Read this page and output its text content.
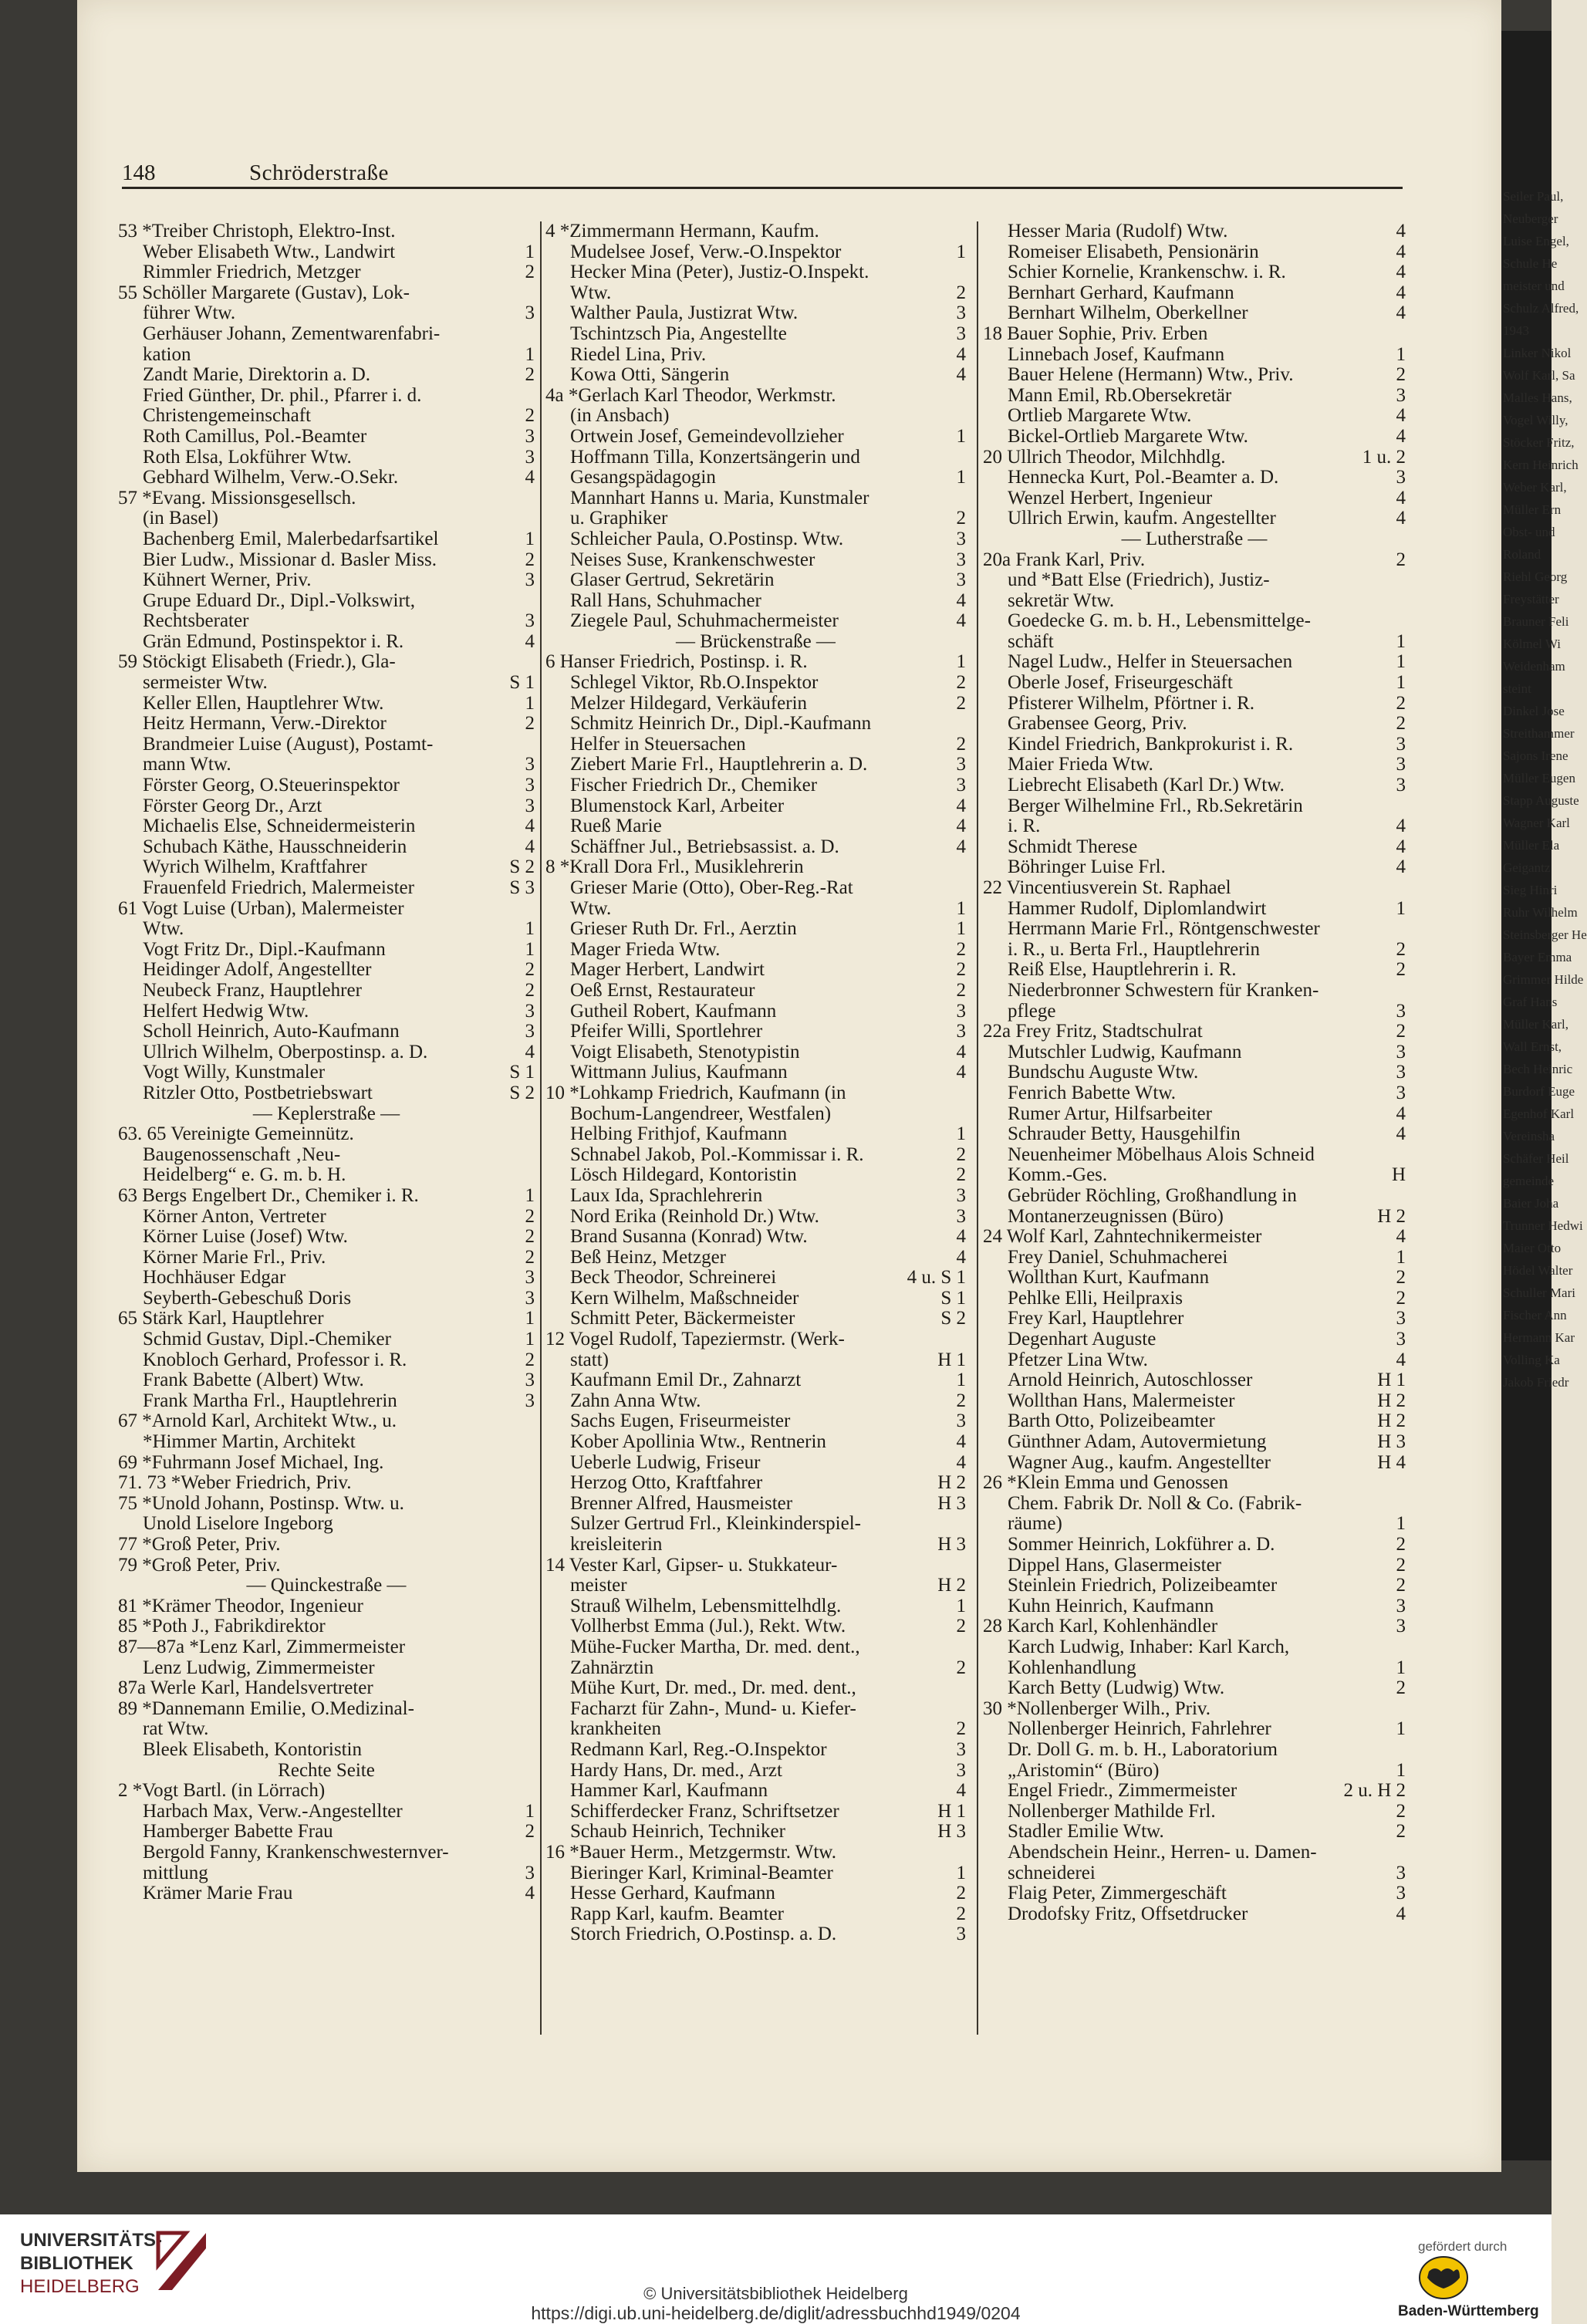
148	Schröderstraße
53 *Treiber Christoph, Elektro-Inst.
Weber Elisabeth Wtw., Landwirt	1
Rimmler Friedrich, Metzger	2
55 Schöller Margarete (Gustav), Lok-
führer Wtw.	3
Gerhäuser Johann, Zementwarenfabri-
kation	1
Zandt Marie, Direktorin a. D.	2
Fried Günther, Dr. phil., Pfarrer i. d.
Christengemeinschaft	2
Roth Camillus, Pol.-Beamter	3
Roth Elsa, Lokführer Wtw.	3
Gebhard Wilhelm, Verw.-O.Sekr.	4
57 *Evang. Missionsgesellsch.
(in Basel)
Bachenberg Emil, Malerbedarfsartikel	1
Bier Ludw., Missionar d. Basler Miss.	2
Kühnert Werner, Priv.	3
Grupe Eduard Dr., Dipl.-Volkswirt,
Rechtsberater	3
Grän Edmund, Postinspektor i. R.	4
59 Stöckigt Elisabeth (Friedr.), Gla-
sermeister Wtw.	S 1
Keller Ellen, Hauptlehrer Wtw.	1
Heitz Hermann, Verw.-Direktor	2
Brandmeier Luise (August), Postamt-
mann Wtw.	3
Förster Georg, O.Steuerinspektor	3
Förster Georg Dr., Arzt	3
Michaelis Else, Schneidermeisterin	4
Schubach Käthe, Hausschneiderin	4
Wyrich Wilhelm, Kraftfahrer	S 2
Frauenfeld Friedrich, Malermeister	S 3
61 Vogt Luise (Urban), Malermeister
Wtw.	1
Vogt Fritz Dr., Dipl.-Kaufmann	1
Heidinger Adolf, Angestellter	2
Neubeck Franz, Hauptlehrer	2
Helfert Hedwig Wtw.	3
Scholl Heinrich, Auto-Kaufmann	3
Ullrich Wilhelm, Oberpostinsp. a. D.	4
Vogt Willy, Kunstmaler	S 1
Ritzler Otto, Postbetriebswart	S 2
— Keplerstraße —
63. 65 Vereinigte Gemeinnütz.
Baugenossenschaft ‚Neu-
Heidelberg“ e. G. m. b. H.
63 Bergs Engelbert Dr., Chemiker i. R.	1
Körner Anton, Vertreter	2
Körner Luise (Josef) Wtw.	2
Körner Marie Frl., Priv.	2
Hochhäuser Edgar	3
Seyberth-Gebeschuß Doris	3
65 Stärk Karl, Hauptlehrer	1
Schmid Gustav, Dipl.-Chemiker	1
Knobloch Gerhard, Professor i. R.	2
Frank Babette (Albert) Wtw.	3
Frank Martha Frl., Hauptlehrerin	3
67 *Arnold Karl, Architekt Wtw., u.
*Himmer Martin, Architekt
69 *Fuhrmann Josef Michael, Ing.
71. 73 *Weber Friedrich, Priv.
75 *Unold Johann, Postinsp. Wtw. u.
Unold Liselore Ingeborg
77 *Groß Peter, Priv.
79 *Groß Peter, Priv.
— Quinckestraße —
81 *Krämer Theodor, Ingenieur
85 *Poth J., Fabrikdirektor
87—87a *Lenz Karl, Zimmermeister
Lenz Ludwig, Zimmermeister
87a Werle Karl, Handelsvertreter
89 *Dannemann Emilie, O.Medizinal-
rat Wtw.
Bleek Elisabeth, Kontoristin
Rechte Seite
2 *Vogt Bartl. (in Lörrach)
Harbach Max, Verw.-Angestellter	1
Hamberger Babette Frau	2
Bergold Fanny, Krankenschwesternver-
mittlung	3
Krämer Marie Frau	4
4 *Zimmermann Hermann, Kaufm.
Mudelsee Josef, Verw.-O.Inspektor	1
Hecker Mina (Peter), Justiz-O.Inspekt.
Wtw.	2
Walther Paula, Justizrat Wtw.	3
Tschintzsch Pia, Angestellte	3
Riedel Lina, Priv.	4
Kowa Otti, Sängerin	4
4a *Gerlach Karl Theodor, Werkmstr.
(in Ansbach)
Ortwein Josef, Gemeindevollzieher	1
Hoffmann Tilla, Konzertsängerin und
Gesangspädagogin	1
Mannhart Hanns u. Maria, Kunstmaler
u. Graphiker	2
Schleicher Paula, O.Postinsp. Wtw.	3
Neises Suse, Krankenschwester	3
Glaser Gertrud, Sekretärin	3
Rall Hans, Schuhmacher	4
Ziegele Paul, Schuhmachermeister	4
— Brückenstraße —
6 Hanser Friedrich, Postinsp. i. R.	1
Schlegel Viktor, Rb.O.Inspektor	2
Melzer Hildegard, Verkäuferin	2
Schmitz Heinrich Dr., Dipl.-Kaufmann
Helfer in Steuersachen	2
Ziebert Marie Frl., Hauptlehrerin a. D.	3
Fischer Friedrich Dr., Chemiker	3
Blumenstock Karl, Arbeiter	4
Rueß Marie	4
Schäffner Jul., Betriebsassist. a. D.	4
8 *Krall Dora Frl., Musiklehrerin
Grieser Marie (Otto), Ober-Reg.-Rat
Wtw.	1
Grieser Ruth Dr. Frl., Aerztin	1
Mager Frieda Wtw.	2
Mager Herbert, Landwirt	2
Oeß Ernst, Restaurateur	2
Gutheil Robert, Kaufmann	3
Pfeifer Willi, Sportlehrer	3
Voigt Elisabeth, Stenotypistin	4
Wittmann Julius, Kaufmann	4
10 *Lohkamp Friedrich, Kaufmann (in
Bochum-Langendreer, Westfalen)
Helbing Frithjof, Kaufmann	1
Schnabel Jakob, Pol.-Kommissar i. R.	2
Lösch Hildegard, Kontoristin	2
Laux Ida, Sprachlehrerin	3
Nord Erika (Reinhold Dr.) Wtw.	3
Brand Susanna (Konrad) Wtw.	4
Beß Heinz, Metzger	4
Beck Theodor, Schreinerei	4 u. S 1
Kern Wilhelm, Maßschneider	S 1
Schmitt Peter, Bäckermeister	S 2
12 Vogel Rudolf, Tapeziermstr. (Werk-
statt)	H 1
Kaufmann Emil Dr., Zahnarzt	1
Zahn Anna Wtw.	2
Sachs Eugen, Friseurmeister	3
Kober Apollinia Wtw., Rentnerin	4
Ueberle Ludwig, Friseur	4
Herzog Otto, Kraftfahrer	H 2
Brenner Alfred, Hausmeister	H 3
Sulzer Gertrud Frl., Kleinkinderspiel-
kreisleiterin	H 3
14 Vester Karl, Gipser- u. Stukkateur-
meister	H 2
Strauß Wilhelm, Lebensmittelhdlg.	1
Vollherbst Emma (Jul.), Rekt. Wtw.	2
Mühe-Fucker Martha, Dr. med. dent.,
Zahnärztin	2
Mühe Kurt, Dr. med., Dr. med. dent.,
Facharzt für Zahn-, Mund- u. Kiefer-
krankheiten	2
Redmann Karl, Reg.-O.Inspektor	3
Hardy Hans, Dr. med., Arzt	3
Hammer Karl, Kaufmann	4
Schifferdecker Franz, Schriftsetzer	H 1
Schaub Heinrich, Techniker	H 3
16 *Bauer Herm., Metzgermstr. Wtw.
Bieringer Karl, Kriminal-Beamter	1
Hesse Gerhard, Kaufmann	2
Rapp Karl, kaufm. Beamter	2
Storch Friedrich, O.Postinsp. a. D.	3
Hesser Maria (Rudolf) Wtw.	4
Romeiser Elisabeth, Pensionärin	4
Schier Kornelie, Krankenschw. i. R.	4
Bernhart Gerhard, Kaufmann	4
Bernhart Wilhelm, Oberkellner	4
18 Bauer Sophie, Priv. Erben
Linnebach Josef, Kaufmann	1
Bauer Helene (Hermann) Wtw., Priv.	2
Mann Emil, Rb.Obersekretär	3
Ortlieb Margarete Wtw.	4
Bickel-Ortlieb Margarete Wtw.	4
20 Ullrich Theodor, Milchhdlg.	1 u. 2
Hennecka Kurt, Pol.-Beamter a. D.	3
Wenzel Herbert, Ingenieur	4
Ullrich Erwin, kaufm. Angestellter	4
— Lutherstraße —
20a Frank Karl, Priv.	2
und *Batt Else (Friedrich), Justiz-
sekretär Wtw.
Goedecke G. m. b. H., Lebensmittelge-
schäft	1
Nagel Ludw., Helfer in Steuersachen	1
Oberle Josef, Friseurgeschäft	1
Pfisterer Wilhelm, Pförtner i. R.	2
Grabensee Georg, Priv.	2
Kindel Friedrich, Bankprokurist i. R.	3
Maier Frieda Wtw.	3
Liebrecht Elisabeth (Karl Dr.) Wtw.	3
Berger Wilhelmine Frl., Rb.Sekretärin
i. R.	4
Schmidt Therese	4
Böhringer Luise Frl.	4
22 Vincentiusverein St. Raphael
Hammer Rudolf, Diplomlandwirt	1
Herrmann Marie Frl., Röntgenschwester
i. R., u. Berta Frl., Hauptlehrerin	2
Reiß Else, Hauptlehrerin i. R.	2
Niederbronner Schwestern für Kranken-
pflege	3
22a Frey Fritz, Stadtschulrat	2
Mutschler Ludwig, Kaufmann	3
Bundschu Auguste Wtw.	3
Fenrich Babette Wtw.	3
Rumer Artur, Hilfsarbeiter	4
Schrauder Betty, Hausgehilfin	4
Neuenheimer Möbelhaus Alois Schneid
Komm.-Ges.	H
Gebrüder Röchling, Großhandlung in
Montanerzeugnissen (Büro)	H 2
24 Wolf Karl, Zahntechnikermeister	4
Frey Daniel, Schuhmacherei	1
Wollthan Kurt, Kaufmann	2
Pehlke Elli, Heilpraxis	2
Frey Karl, Hauptlehrer	3
Degenhart Auguste	3
Pfetzer Lina Wtw.	4
Arnold Heinrich, Autoschlosser	H 1
Wollthan Hans, Malermeister	H 2
Barth Otto, Polizeibeamter	H 2
Günthner Adam, Autovermietung	H 3
Wagner Aug., kaufm. Angestellter	H 4
26 *Klein Emma und Genossen
Chem. Fabrik Dr. Noll & Co. (Fabrik-
räume)	1
Sommer Heinrich, Lokführer a. D.	2
Dippel Hans, Glasermeister	2
Steinlein Friedrich, Polizeibeamter	2
Kuhn Heinrich, Kaufmann	3
28 Karch Karl, Kohlenhändler	3
Karch Ludwig, Inhaber: Karl Karch,
Kohlenhandlung	1
Karch Betty (Ludwig) Wtw.	2
30 *Nollenberger Wilh., Priv.
Nollenberger Heinrich, Fahrlehrer	1
Dr. Doll G. m. b. H., Laboratorium
„Aristomin“ (Büro)	1
Engel Friedr., Zimmermeister	2 u. H 2
Nollenberger Mathilde Frl.	2
Stadler Emilie Wtw.	2
Abendschein Heinr., Herren- u. Damen-
schneiderei	3
Flaig Peter, Zimmergeschäft	3
Drodofsky Fritz, Offsetdrucker	4
Seiler Paul,
Neuberger
Luise Engel,
Schule He
meister und
Schulz Alfred,
1943
Linker Nikol
Wolf Karl, Sa
Malles Hans,
Vogel Willy,
Stöcker Fritz,
Kern Heinrich
Weber Karl,
Müller Ern
Obst- und
Roland
Riehl Georg
Freystätter
Brauner Feli
Kölmel Wi
Weidenham
steint
Dinkel Jose
Streithammer
Sajons Irene
Müller Eugen
Stapp Auguste
Wagner Karl
Müller Ela
Geigantz
Sieg Hinri
Ruhr Wilhelm
Steinsberger He
Bayer Emma
Grimmer Hilde
Graf Hans
Müller Karl,
Wall Ernst,
Bech Heinric
Burdorf Euge
Egenhof Karl
Vereinsha
Schäfer Heil
gemeinde
Baier Joha
Trunner Hedwi
Maier Otto
Hödel Walter
Schuller Mari
Fischer Ann
Hermann Kar
Volling Ka
Jakob Friedr
UNIVERSITÄTS-
BIBLIOTHEK
HEIDELBERG	© Universitätsbibliothek Heidelberg
https://digi.ub.uni-heidelberg.de/diglit/adressbuchhd1949/0204
gefördert durch
Baden-Württemberg
